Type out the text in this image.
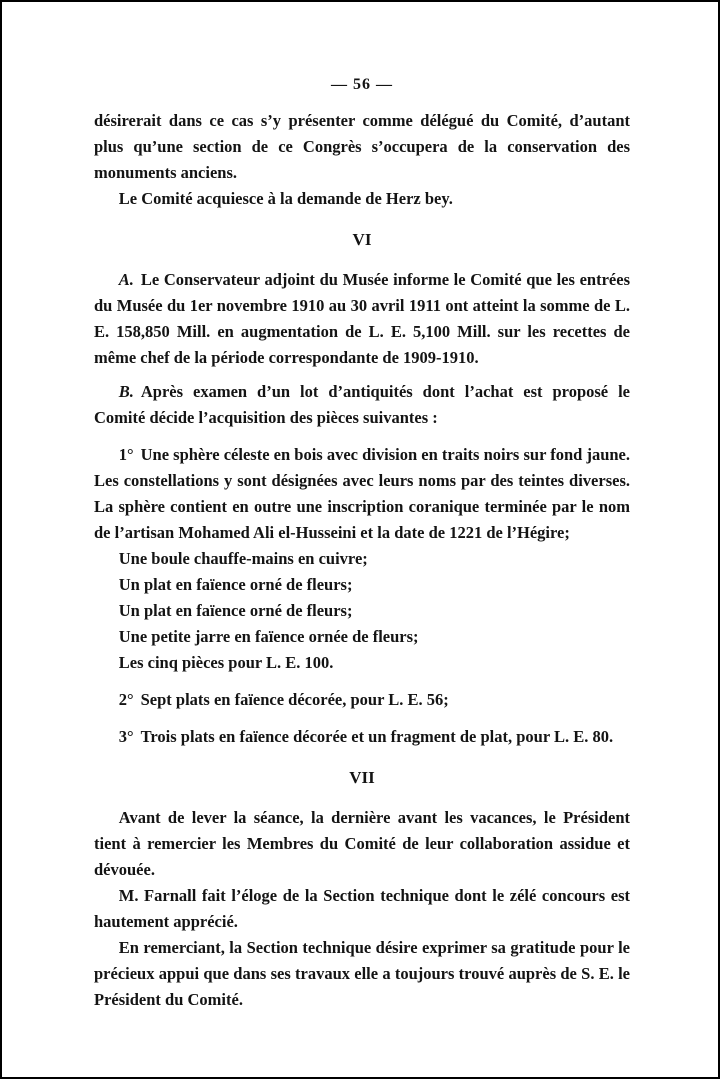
— 56 —

désirerait dans ce cas s’y présenter comme délégué du Comité, d’autant plus qu’une section de ce Congrès s’occupera de la conservation des monuments anciens.

Le Comité acquiesce à la demande de Herz bey.

VI

A. Le Conservateur adjoint du Musée informe le Comité que les entrées du Musée du 1er novembre 1910 au 30 avril 1911 ont atteint la somme de L. E. 158,850 Mill. en augmentation de L. E. 5,100 Mill. sur les recettes de même chef de la période correspondante de 1909-1910.

B. Après examen d’un lot d’antiquités dont l’achat est proposé le Comité décide l’acquisition des pièces suivantes :

1° Une sphère céleste en bois avec division en traits noirs sur fond jaune. Les constellations y sont désignées avec leurs noms par des teintes diverses. La sphère contient en outre une inscription coranique terminée par le nom de l’artisan Mohamed Ali el-Husseini et la date de 1221 de l’Hégire;

Une boule chauffe-mains en cuivre;

Un plat en faïence orné de fleurs;

Un plat en faïence orné de fleurs;

Une petite jarre en faïence ornée de fleurs;

Les cinq pièces pour L. E. 100.

2° Sept plats en faïence décorée, pour L. E. 56;

3° Trois plats en faïence décorée et un fragment de plat, pour L. E. 80.

VII

Avant de lever la séance, la dernière avant les vacances, le Président tient à remercier les Membres du Comité de leur collaboration assidue et dévouée.

M. Farnall fait l’éloge de la Section technique dont le zélé concours est hautement apprécié.

En remerciant, la Section technique désire exprimer sa gratitude pour le précieux appui que dans ses travaux elle a toujours trouvé auprès de S. E. le Président du Comité.
